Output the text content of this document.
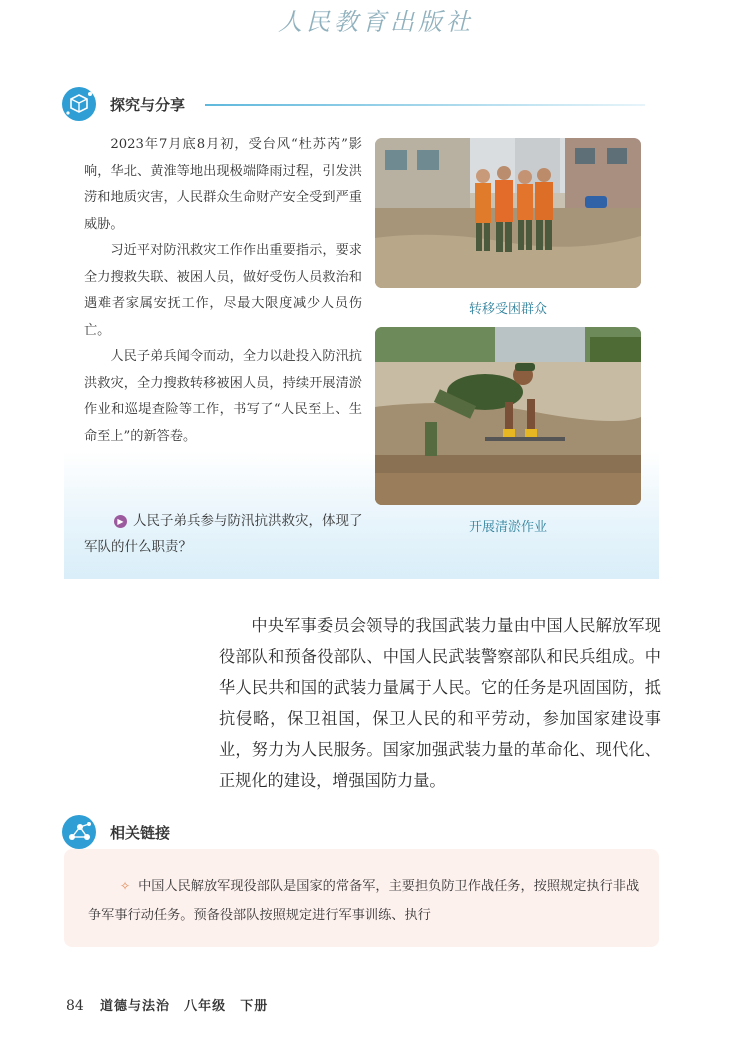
人民教育出版社
探究与分享

2023年7月底8月初，受台风“杜苏芮”影响，华北、黄淮等地出现极端降雨过程，引发洪涝和地质灾害，人民群众生命财产安全受到严重威胁。

习近平对防汛救灾工作作出重要指示，要求全力搜救失联、被困人员，做好受伤人员救治和遇难者家属安抚工作，尽最大限度减少人员伤亡。

人民子弟兵闻令而动，全力以赴投入防汛抗洪救灾，全力搜救转移被困人员，持续开展清淤作业和巡堤查险等工作，书写了“人民至上、生命至上”的新答卷。

▶ 人民子弟兵参与防汛抗洪救灾，体现了军队的什么职责？
转移受困群众
开展清淤作业

中央军事委员会领导的我国武装力量由中国人民解放军现役部队和预备役部队、中国人民武装警察部队和民兵组成。中华人民共和国的武装力量属于人民。它的任务是巩固国防，抵抗侵略，保卫祖国，保卫人民的和平劳动，参加国家建设事业，努力为人民服务。国家加强武装力量的革命化、现代化、正规化的建设，增强国防力量。

相关链接
✧ 中国人民解放军现役部队是国家的常备军，主要担负防卫作战任务，按照规定执行非战争军事行动任务。预备役部队按照规定进行军事训练、执行
84 道德与法治 八年级 下册
